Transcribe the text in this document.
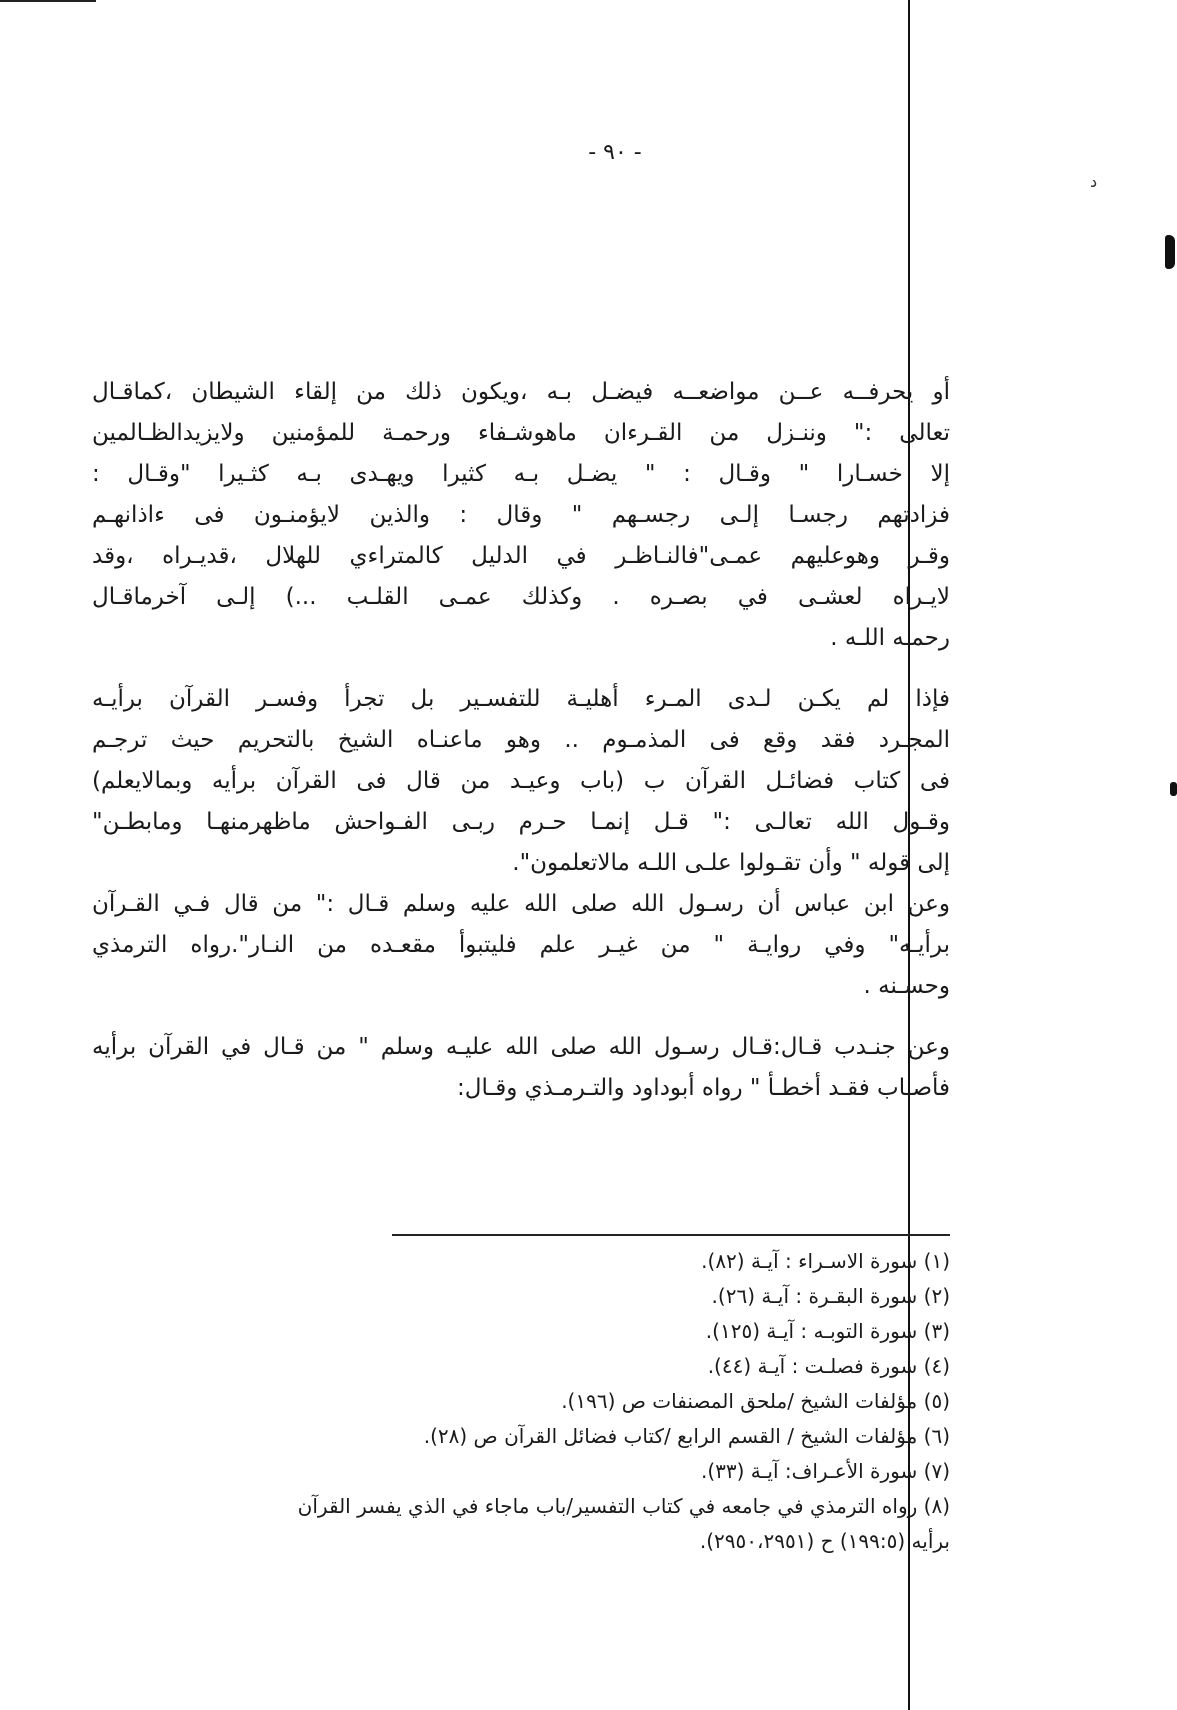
د
- ٩٠ -
أو يحرفــه عــن مواضعــه فيضـل بـه ،ويكون ذلك من إلقاء الشيطان ،كماقـال
تعالى :" وننـزل من القـرءان ماهوشـفاء ورحمـة للمؤمنين ولايزيدالظـالمين
إلا خسـارا " وقـال : " يضـل بـه كثيرا ويهـدى بـه كثـيرا "وقـال :
فزادتهم رجسـا إلـى رجسـهم " وقال : والذين لايؤمنـون فى ءاذانهـم
وقـر وهوعليهم عمـى"فالنـاظـر في الدليل كالمتراءي للهلال ،قديـراه ،وقد
لايـراه لعشـى في بصـره . وكذلك عمـى القلـب ...) إلـى آخرماقـال
رحمـه اللـه .
فإذا لم يكـن لـدى المـرء أهليـة للتفسـير بل تجرأ وفسـر القرآن برأيـه
المجـرد فقد وقع فى المذمـوم .. وهو ماعنـاه الشيخ بالتحريم حيث ترجـم
فى كتاب فضائـل القرآن ب (باب وعيـد من قال فى القرآن برأيه وبمالايعلم)
وقـول الله تعالـى :" قـل إنمـا حـرم ربـى الفـواحش ماظهرمنهـا ومابطـن"
إلى قوله " وأن تقـولوا علـى اللـه مالاتعلمون".
وعن ابن عباس أن رسـول الله صلى الله عليه وسلم قـال :" من قال فـي القـرآن
برأيـه" وفي روايـة " من غيـر علم فليتبوأ مقعـده من النـار".رواه الترمذي
وحسـنه .
وعن جنـدب قـال:قـال رسـول الله صلى الله عليـه وسلم " من قـال في القرآن برأيه
فأصـاب فقـد أخطـأ " رواه أبوداود والتـرمـذي وقـال:
(١) سورة الاسـراء : آيـة (٨٢).
(٢) سورة البقـرة : آيـة (٢٦).
(٣) سورة التوبـه : آيـة (١٢٥).
(٤) سورة فصلـت : آيـة (٤٤).
(٥) مؤلفات الشيخ /ملحق المصنفات ص (١٩٦).
(٦) مؤلفات الشيخ / القسم الرابع /كتاب فضائل القرآن ص (٢٨).
(٧) سورة الأعـراف: آيـة (٣٣).
(٨) رواه الترمذي في جامعه في كتاب التفسير/باب ماجاء في الذي يفسر القرآن
برأيه (١٩٩:٥) ح (٢٩٥٠،٢٩٥١).
